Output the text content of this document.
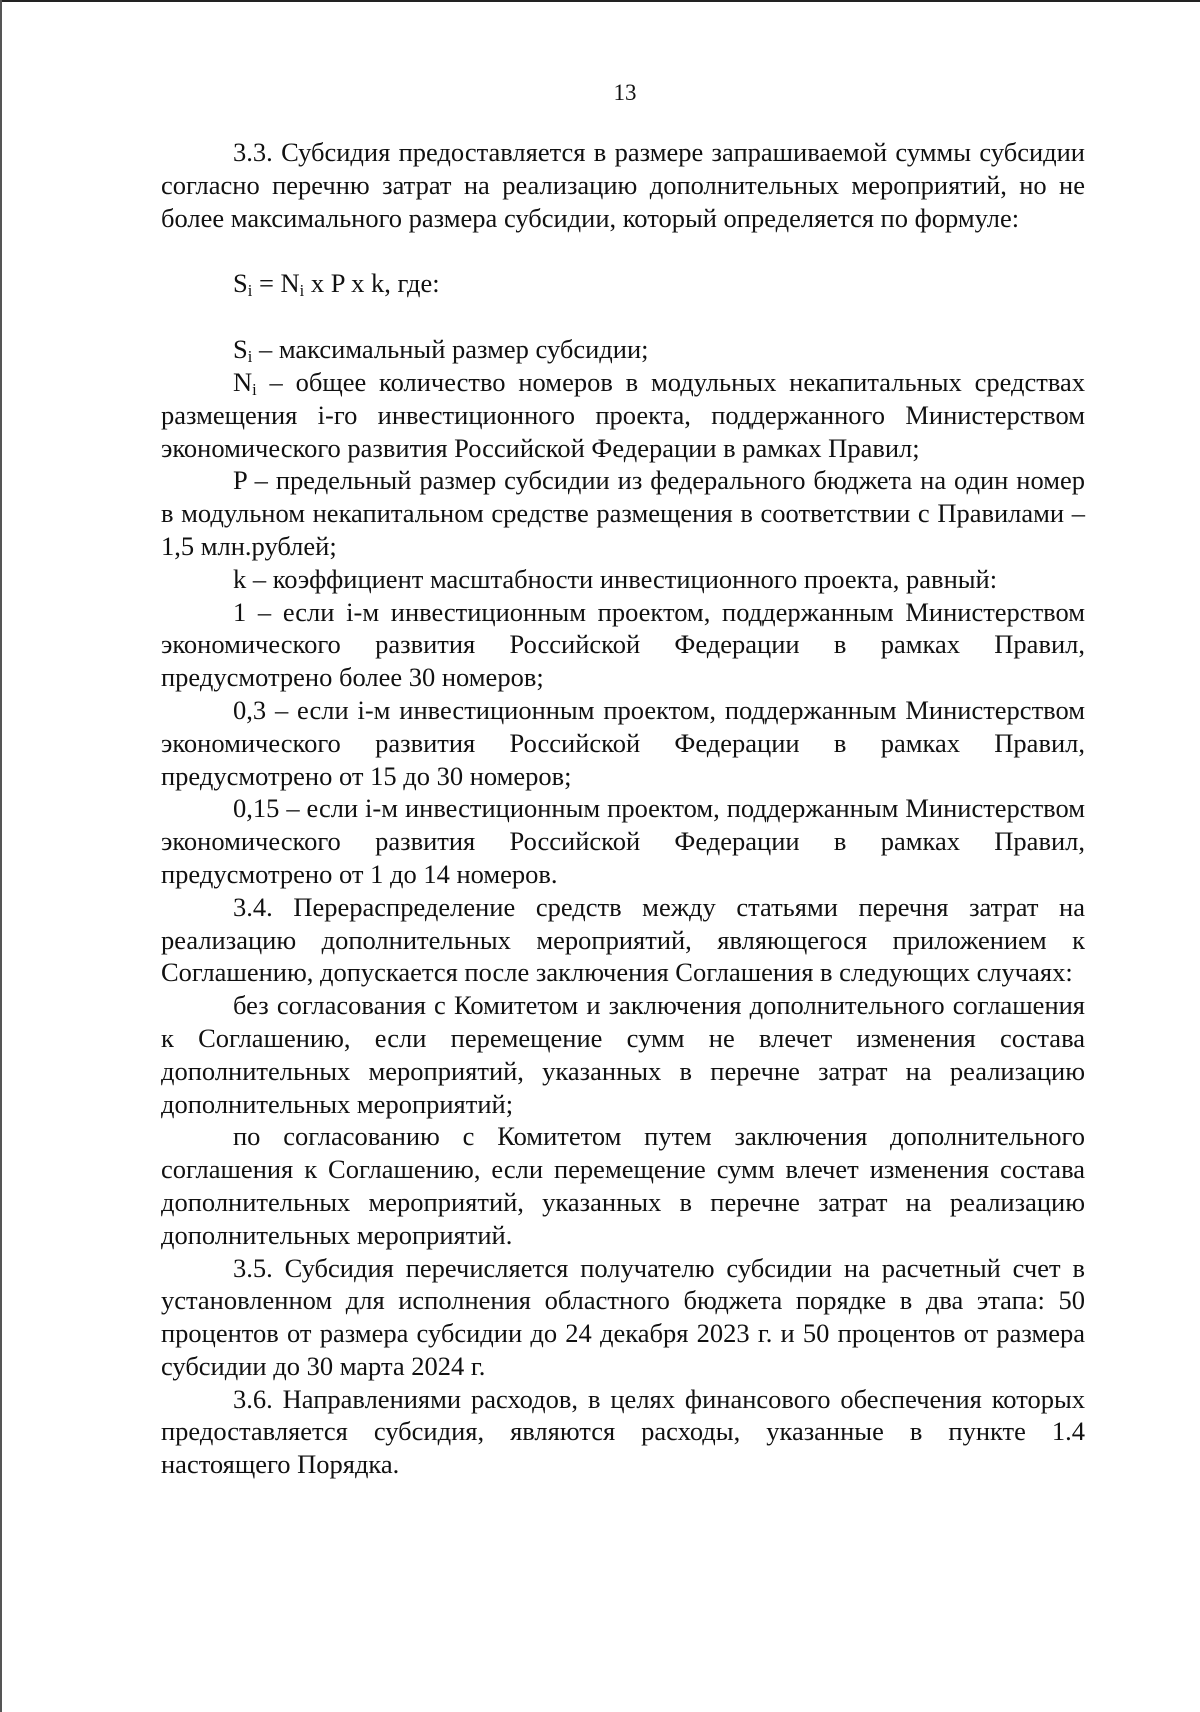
13

3.3. Субсидия предоставляется в размере запрашиваемой суммы субсидии согласно перечню затрат на реализацию дополнительных мероприятий, но не более максимального размера субсидии, который определяется по формуле:

$S_i = N_i$ x P x k, где:

$S_i$ – максимальный размер субсидии;

$N_i$ – общее количество номеров в модульных некапитальных средствах размещения i-го инвестиционного проекта, поддержанного Министерством экономического развития Российской Федерации в рамках Правил;

P – предельный размер субсидии из федерального бюджета на один номер в модульном некапитальном средстве размещения в соответствии с Правилами – 1,5 млн.рублей;

k – коэффициент масштабности инвестиционного проекта, равный:

1 – если i-м инвестиционным проектом, поддержанным Министерством экономического развития Российской Федерации в рамках Правил, предусмотрено более 30 номеров;

0,3 – если i-м инвестиционным проектом, поддержанным Министерством экономического развития Российской Федерации в рамках Правил, предусмотрено от 15 до 30 номеров;

0,15 – если i-м инвестиционным проектом, поддержанным Министерством экономического развития Российской Федерации в рамках Правил, предусмотрено от 1 до 14 номеров.

3.4. Перераспределение средств между статьями перечня затрат на реализацию дополнительных мероприятий, являющегося приложением к Соглашению, допускается после заключения Соглашения в следующих случаях:

без согласования с Комитетом и заключения дополнительного соглашения к Соглашению, если перемещение сумм не влечет изменения состава дополнительных мероприятий, указанных в перечне затрат на реализацию дополнительных мероприятий;

по согласованию с Комитетом путем заключения дополнительного соглашения к Соглашению, если перемещение сумм влечет изменения состава дополнительных мероприятий, указанных в перечне затрат на реализацию дополнительных мероприятий.

3.5. Субсидия перечисляется получателю субсидии на расчетный счет в установленном для исполнения областного бюджета порядке в два этапа: 50 процентов от размера субсидии до 24 декабря 2023 г. и 50 процентов от размера субсидии до 30 марта 2024 г.

3.6. Направлениями расходов, в целях финансового обеспечения которых предоставляется субсидия, являются расходы, указанные в пункте 1.4 настоящего Порядка.
